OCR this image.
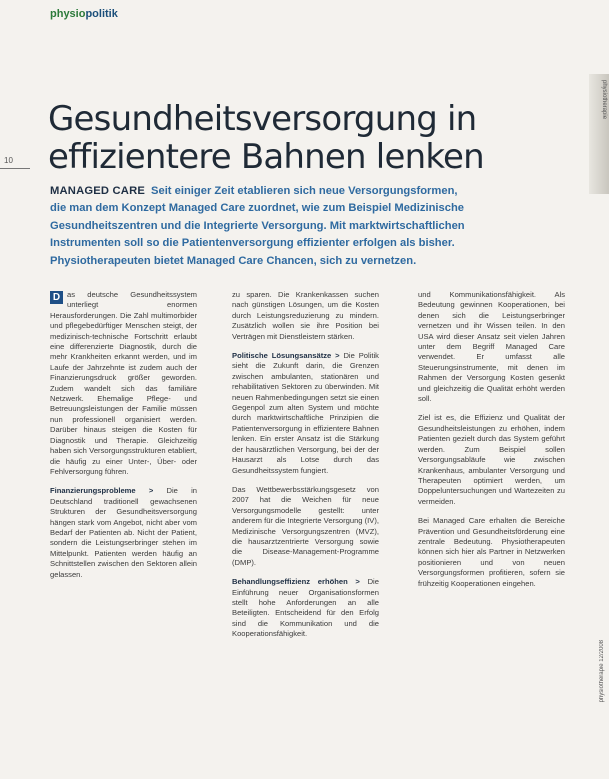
physiopolitik
physiotherapie
10
Gesundheitsversorgung in effizientere Bahnen lenken
MANAGED CARE Seit einiger Zeit etablieren sich neue Versorgungsformen, die man dem Konzept Managed Care zuordnet, wie zum Beispiel Medizinische Gesundheitszentren und die Integrierte Versorgung. Mit marktwirtschaftlichen Instrumenten soll so die Patientenversorgung effizienter erfolgen als bisher. Physiotherapeuten bietet Managed Care Chancen, sich zu vernetzen.

D as deutsche Gesundheitssystem unterliegt enormen Herausforderungen. Die Zahl multimorbider und pflegebedürftiger Menschen steigt, der medizinisch-technische Fortschritt erlaubt eine differenzierte Diagnostik, durch die mehr Krankheiten erkannt werden, und im Laufe der Jahrzehnte ist zudem auch der Finanzierungsdruck größer geworden. Zudem wandelt sich das familiäre Netzwerk. Ehemalige Pflege- und Betreuungsleistungen der Familie müssen nun professionell organisiert werden. Darüber hinaus steigen die Kosten für Diagnostik und Therapie. Gleichzeitig haben sich Versorgungsstrukturen etabliert, die häufig zu einer Unter-, Über- oder Fehlversorgung führen.

Finanzierungsprobleme > Die in Deutschland traditionell gewachsenen Strukturen der Gesundheitsversorgung hängen stark vom Angebot, nicht aber vom Bedarf der Patienten ab. Nicht der Patient, sondern die Leistungserbringer stehen im Mittelpunkt. Patienten werden häufig an Schnittstellen zwischen den Sektoren allein gelassen.

zu sparen. Die Krankenkassen suchen nach günstigen Lösungen, um die Kosten durch Leistungsreduzierung zu mindern. Zusätzlich wollen sie ihre Position bei Verträgen mit Dienstleistern stärken.

Politische Lösungsansätze > Die Politik sieht die Zukunft darin, die Grenzen zwischen ambulanten, stationären und rehabilitativen Sektoren zu überwinden. Mit neuen Rahmenbedingungen setzt sie einen Gegenpol zum alten System und möchte durch marktwirtschaftliche Prinzipien die Patientenversorgung in effizientere Bahnen lenken. Ein erster Ansatz ist die Stärkung der hausärztlichen Versorgung, bei der der Hausarzt als Lotse durch das Gesundheitssystem fungiert.

Das Wettbewerbsstärkungsgesetz von 2007 hat die Weichen für neue Versorgungsmodelle gestellt: unter anderem für die Integrierte Versorgung (IV), Medizinische Versorgungszentren (MVZ), die hausarztzentrierte Versorgung sowie die Disease-Management-Programme (DMP).

Behandlungseffizienz erhöhen > Die Einführung neuer Organisationsformen stellt hohe Anforderungen an alle Beteiligten. Entscheidend für den Erfolg sind die Kommunikation und die Kooperationsfähigkeit.

und Kommunikationsfähigkeit. Als Bedeutung gewinnen Kooperationen, bei denen sich die Leistungserbringer vernetzen und ihr Wissen teilen. In den USA wird dieser Ansatz seit vielen Jahren unter dem Begriff Managed Care verwendet. Er umfasst alle Steuerungsinstrumente, mit denen im Rahmen der Versorgung Kosten gesenkt und gleichzeitig die Qualität erhöht werden soll.

Ziel ist es, die Effizienz und Qualität der Gesundheitsleistungen zu erhöhen, indem Patienten gezielt durch das System geführt werden. Zum Beispiel sollen Versorgungsabläufe wie zwischen Krankenhaus, ambulanter Versorgung und Therapeuten optimiert werden, um Doppeluntersuchungen und Wartezeiten zu vermeiden.

Bei Managed Care erhalten die Bereiche Prävention und Gesundheitsförderung eine zentrale Bedeutung. Physiotherapeuten können sich hier als Partner in Netzwerken positionieren und von neuen Versorgungsformen profitieren, sofern sie frühzeitig Kooperationen eingehen.

physiotherapie 12/2008
